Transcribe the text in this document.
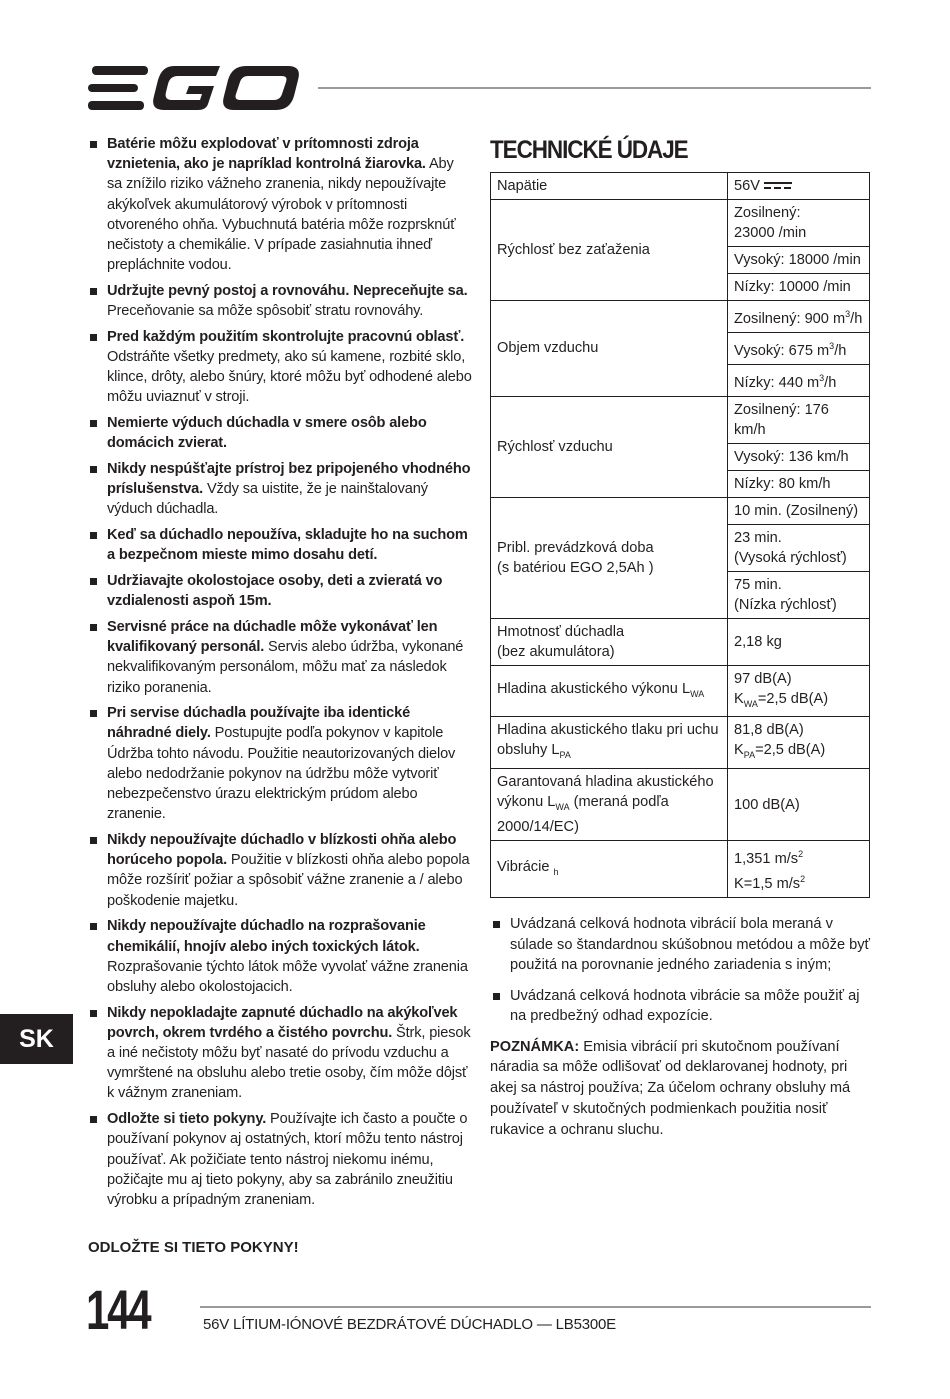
Batérie môžu explodovať v prítomnosti zdroja vznietenia, ako je napríklad kontrolná žiarovka. Aby sa znížilo riziko vážneho zranenia, nikdy nepoužívajte akýkoľvek akumulátorový výrobok v prítomnosti otvoreného ohňa. Vybuchnutá batéria môže rozprsknúť nečistoty a chemikálie. V prípade zasiahnutia ihneď prepláchnite vodou.
Udržujte pevný postoj a rovnováhu. Nepreceňujte sa. Preceňovanie sa môže spôsobiť stratu rovnováhy.
Pred každým použitím skontrolujte pracovnú oblasť. Odstráňte všetky predmety, ako sú kamene, rozbité sklo, klince, drôty, alebo šnúry, ktoré môžu byť odhodené alebo môžu uviaznuť v stroji.
Nemierte výduch dúchadla v smere osôb alebo domácich zvierat.
Nikdy nespúšťajte prístroj bez pripojeného vhodného príslušenstva. Vždy sa uistite, že je nainštalovaný výduch dúchadla.
Keď sa dúchadlo nepoužíva, skladujte ho na suchom a bezpečnom mieste mimo dosahu detí.
Udržiavajte okolostojace osoby, deti a zvieratá vo vzdialenosti aspoň 15m.
Servisné práce na dúchadle môže vykonávať len kvalifikovaný personál. Servis alebo údržba, vykonané nekvalifikovaným personálom, môžu mať za následok riziko poranenia.
Pri servise dúchadla používajte iba identické náhradné diely. Postupujte podľa pokynov v kapitole Údržba tohto návodu. Použitie neautorizovaných dielov alebo nedodržanie pokynov na údržbu môže vytvoriť nebezpečenstvo úrazu elektrickým prúdom alebo zranenie.
Nikdy nepoužívajte dúchadlo v blízkosti ohňa alebo horúceho popola. Použitie v blízkosti ohňa alebo popola môže rozšíriť požiar a spôsobiť vážne zranenie a / alebo poškodenie majetku.
Nikdy nepoužívajte dúchadlo na rozprašovanie chemikálií, hnojív alebo iných toxických látok. Rozprašovanie týchto látok môže vyvolať vážne zranenia obsluhy alebo okolostojacich.
Nikdy nepokladajte zapnuté dúchadlo na akýkoľvek povrch, okrem tvrdého a čistého povrchu. Štrk, piesok a iné nečistoty môžu byť nasaté do prívodu vzduchu a vymrštené na obsluhu alebo tretie osoby, čím môže dôjsť k vážnym zraneniam.
Odložte si tieto pokyny. Používajte ich často a poučte o používaní pokynov aj ostatných, ktorí môžu tento nástroj používať. Ak požičiate tento nástroj niekomu inému, požičajte mu aj tieto pokyny, aby sa zabránilo zneužitiu výrobku a prípadným zraneniam.
ODLOŽTE SI TIETO POKYNY!
TECHNICKÉ ÚDAJE
Napätie	56V
Rýchlosť bez zaťaženia	Zosilnený:
23000 /min
	Vysoký: 18000 /min
	Nízky: 10000 /min
Objem vzduchu	Zosilnený: 900 $m^3/h$
	Vysoký: 675 $m^3/h$
	Nízky: 440 $m^3/h$
Rýchlosť vzduchu	Zosilnený: 176 km/h
	Vysoký: 136 km/h
	Nízky: 80 km/h
Pribl. prevádzková doba
(s batériou EGO 2,5Ah )	10 min. (Zosilnený)
	23 min.
(Vysoká rýchlosť)
	75 min.
(Nízka rýchlosť)
Hmotnosť dúchadla
(bez akumulátora)	2,18 kg
Hladina akustického výkonu $L_{WA}$	97 dB(A)
$K_{WA}=2,5$ dB(A)
Hladina akustického tlaku pri uchu
obsluhy $L_{PA}$	81,8 dB(A)
$K_{PA}=2,5$ dB(A)
Garantovaná hladina akustického
výkonu $L_{WA}$ (meraná podľa
2000/14/EC)	100 dB(A)
Vibrácie $_h$	1,351 $m/s^2$
K=1,5 $m/s^2$
Uvádzaná celková hodnota vibrácií bola meraná v súlade so štandardnou skúšobnou metódou a môže byť použitá na porovnanie jedného zariadenia s iným;
Uvádzaná celková hodnota vibrácie sa môže použiť aj na predbežný odhad expozície.

POZNÁMKA: Emisia vibrácií pri skutočnom používaní náradia sa môže odlišovať od deklarovanej hodnoty, pri akej sa nástroj používa; Za účelom ochrany obsluhy má používateľ v skutočných podmienkach použitia nosiť rukavice a ochranu sluchu.

SK
144	56V LÍTIUM-IÓNOVÉ BEZDRÁTOVÉ DÚCHADLO — LB5300E
